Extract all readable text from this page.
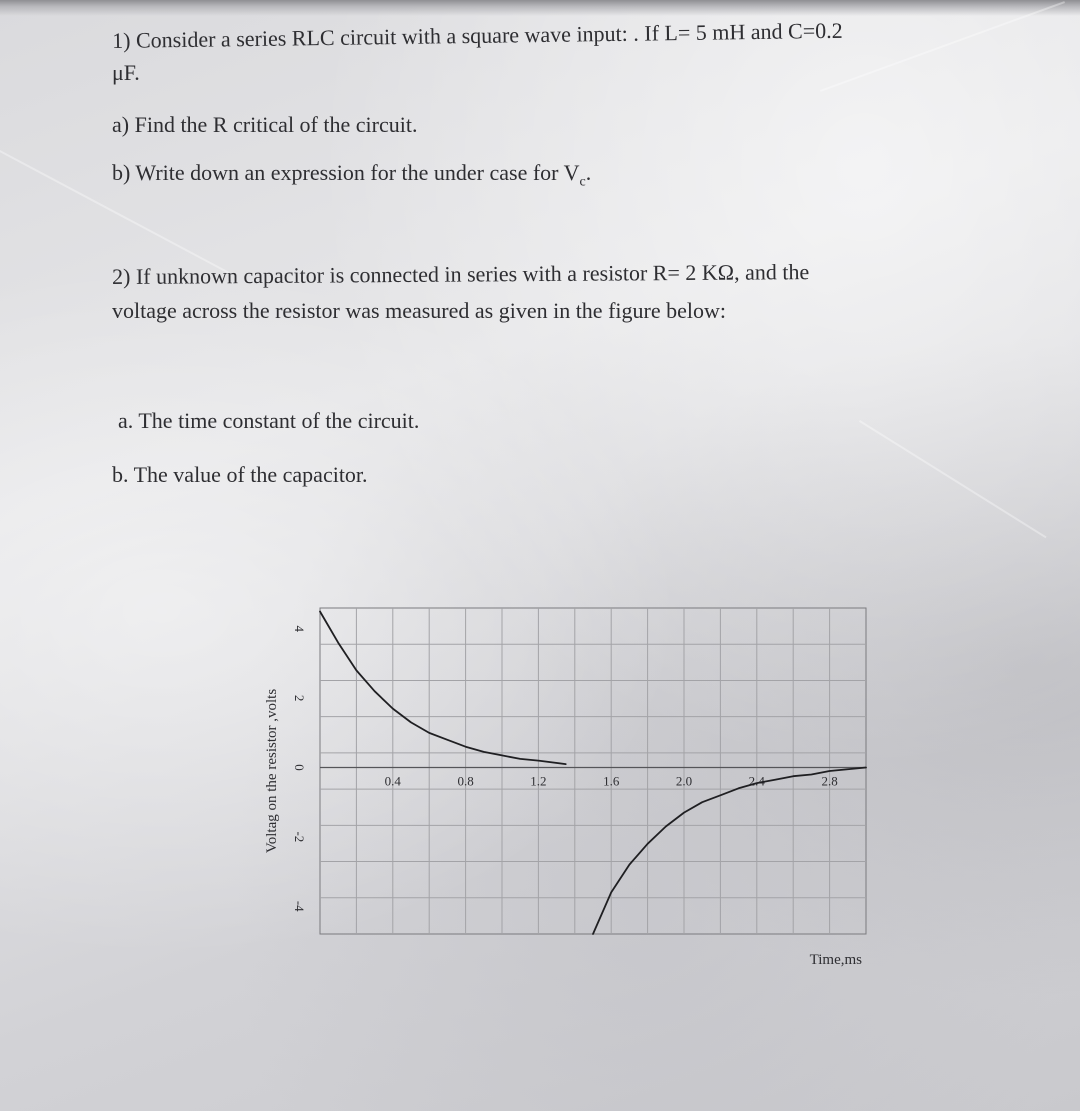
1) Consider a series RLC circuit with a square wave input: . If L= 5 mH and C=0.2
μF.
a) Find the R critical of the circuit.
b) Write down an expression for the under case for $V_c$.
2) If unknown capacitor is connected in series with a resistor R= 2 KΩ, and the
voltage across the resistor was measured as given in the figure below:
a. The time constant of the circuit.
b. The value of the capacitor.
0.4	0.8	1.2	1.6	2.0	2.4	2.8
4
2
0
-2
-4
Voltag on the resistor ,volts
Time,ms
